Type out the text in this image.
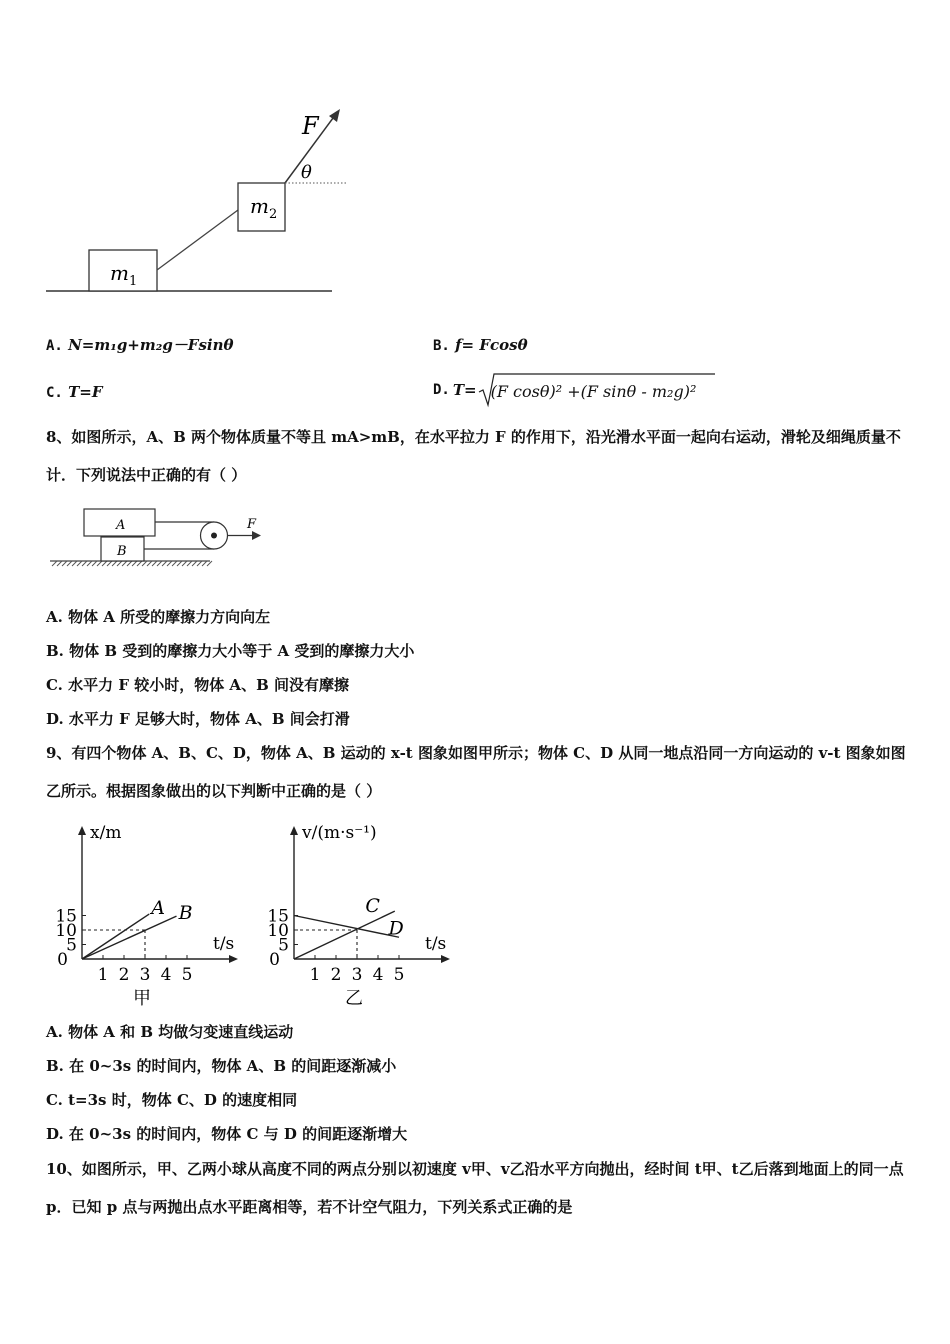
F
θ
$m_2$
$m_1$
A. N=m₁g+m₂g－Fsinθ	B. f= Fcosθ
C. T=F	D. T= (F cosθ)² +(F sinθ - m₂g)²
8、如图所示，A、B 两个物体质量不等且 mA>mB，在水平拉力 F 的作用下，沿光滑水平面一起向右运动，滑轮及细绳质量不计．下列说法中正确的有（ ）
A
B
F
A. 物体 A 所受的摩擦力方向向左
B. 物体 B 受到的摩擦力大小等于 A 受到的摩擦力大小
C. 水平力 F 较小时，物体 A、B 间没有摩擦
D. 水平力 F 足够大时，物体 A、B 间会打滑
9、有四个物体 A、B、C、D，物体 A、B 运动的 x-t 图象如图甲所示；物体 C、D 从同一地点沿同一方向运动的 v-t 图象如图乙所示。根据图象做出的以下判断中正确的是（ ）
1 2 3 4 5
5
10
15
0
A B
x/m
t/s
甲
1 2 3 4 5
5
10
15
0
C
D
v/(m·s⁻¹)
t/s
乙
A. 物体 A 和 B 均做匀变速直线运动
B. 在 0~3s 的时间内，物体 A、B 的间距逐渐减小
C. t=3s 时，物体 C、D 的速度相同
D. 在 0~3s 的时间内，物体 C 与 D 的间距逐渐增大
10、如图所示，甲、乙两小球从高度不同的两点分别以初速度 v甲、v乙沿水平方向抛出，经时间 t甲、t乙后落到地面上的同一点 p．已知 p 点与两抛出点水平距离相等，若不计空气阻力，下列关系式正确的是
